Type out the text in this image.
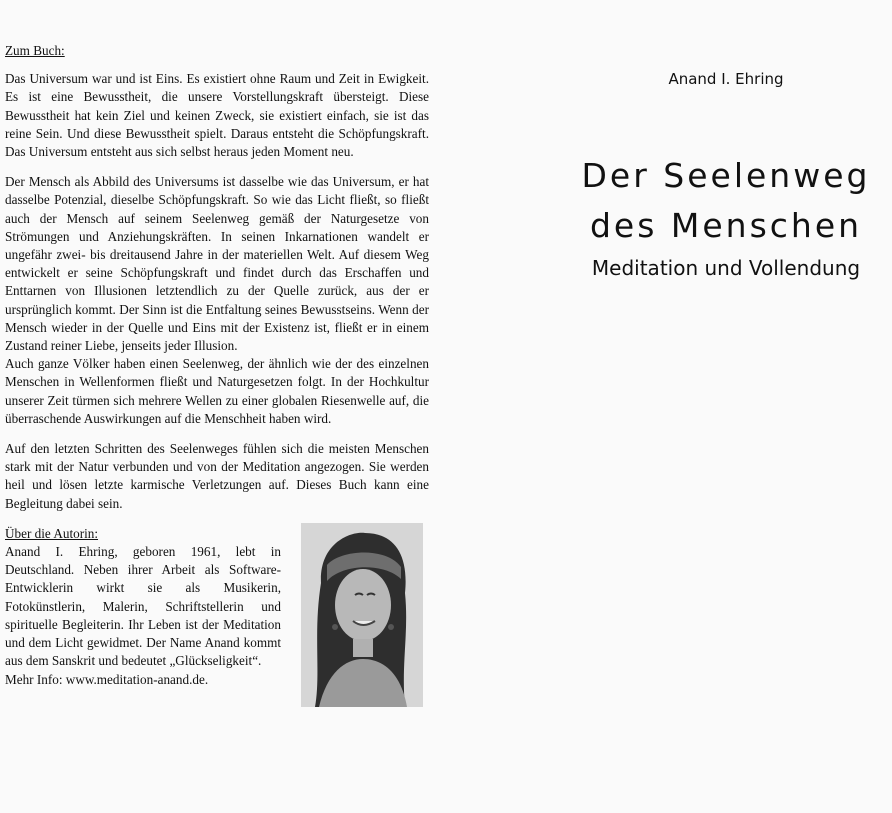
Zum Buch:

Das Universum war und ist Eins. Es existiert ohne Raum und Zeit in Ewigkeit. Es ist eine Bewusstheit, die unsere Vorstellungskraft übersteigt. Diese Bewusstheit hat kein Ziel und keinen Zweck, sie existiert einfach, sie ist das reine Sein. Und diese Bewusstheit spielt. Daraus entsteht die Schöpfungskraft. Das Universum entsteht aus sich selbst heraus jeden Moment neu.

Der Mensch als Abbild des Universums ist dasselbe wie das Universum, er hat dasselbe Potenzial, dieselbe Schöpfungskraft. So wie das Licht fließt, so fließt auch der Mensch auf seinem Seelenweg gemäß der Naturgesetze von Strömungen und Anziehungskräften. In seinen Inkarnationen wandelt er ungefähr zwei- bis dreitausend Jahre in der materiellen Welt. Auf diesem Weg entwickelt er seine Schöpfungskraft und findet durch das Erschaffen und Enttarnen von Illusionen letztendlich zu der Quelle zurück, aus der er ursprünglich kommt. Der Sinn ist die Entfaltung seines Bewusstseins. Wenn der Mensch wieder in der Quelle und Eins mit der Existenz ist, fließt er in einem Zustand reiner Liebe, jenseits jeder Illusion.

Auch ganze Völker haben einen Seelenweg, der ähnlich wie der des einzelnen Menschen in Wellenformen fließt und Naturgesetzen folgt. In der Hochkultur unserer Zeit türmen sich mehrere Wellen zu einer globalen Riesenwelle auf, die überraschende Auswirkungen auf die Menschheit haben wird.

Auf den letzten Schritten des Seelenweges fühlen sich die meisten Menschen stark mit der Natur verbunden und von der Meditation angezogen. Sie werden heil und lösen letzte karmische Verletzungen auf. Dieses Buch kann eine Begleitung dabei sein.

Über die Autorin:
Anand I. Ehring, geboren 1961, lebt in Deutschland. Neben ihrer Arbeit als Software-Entwicklerin wirkt sie als Musikerin, Fotokünstlerin, Malerin, Schriftstellerin und spirituelle Begleiterin. Ihr Leben ist der Meditation und dem Licht gewidmet. Der Name Anand kommt aus dem Sanskrit und bedeutet „Glückseligkeit“.
Mehr Info: www.meditation-anand.de.
Anand I. Ehring
Der Seelenweg
des Menschen
Meditation und Vollendung
